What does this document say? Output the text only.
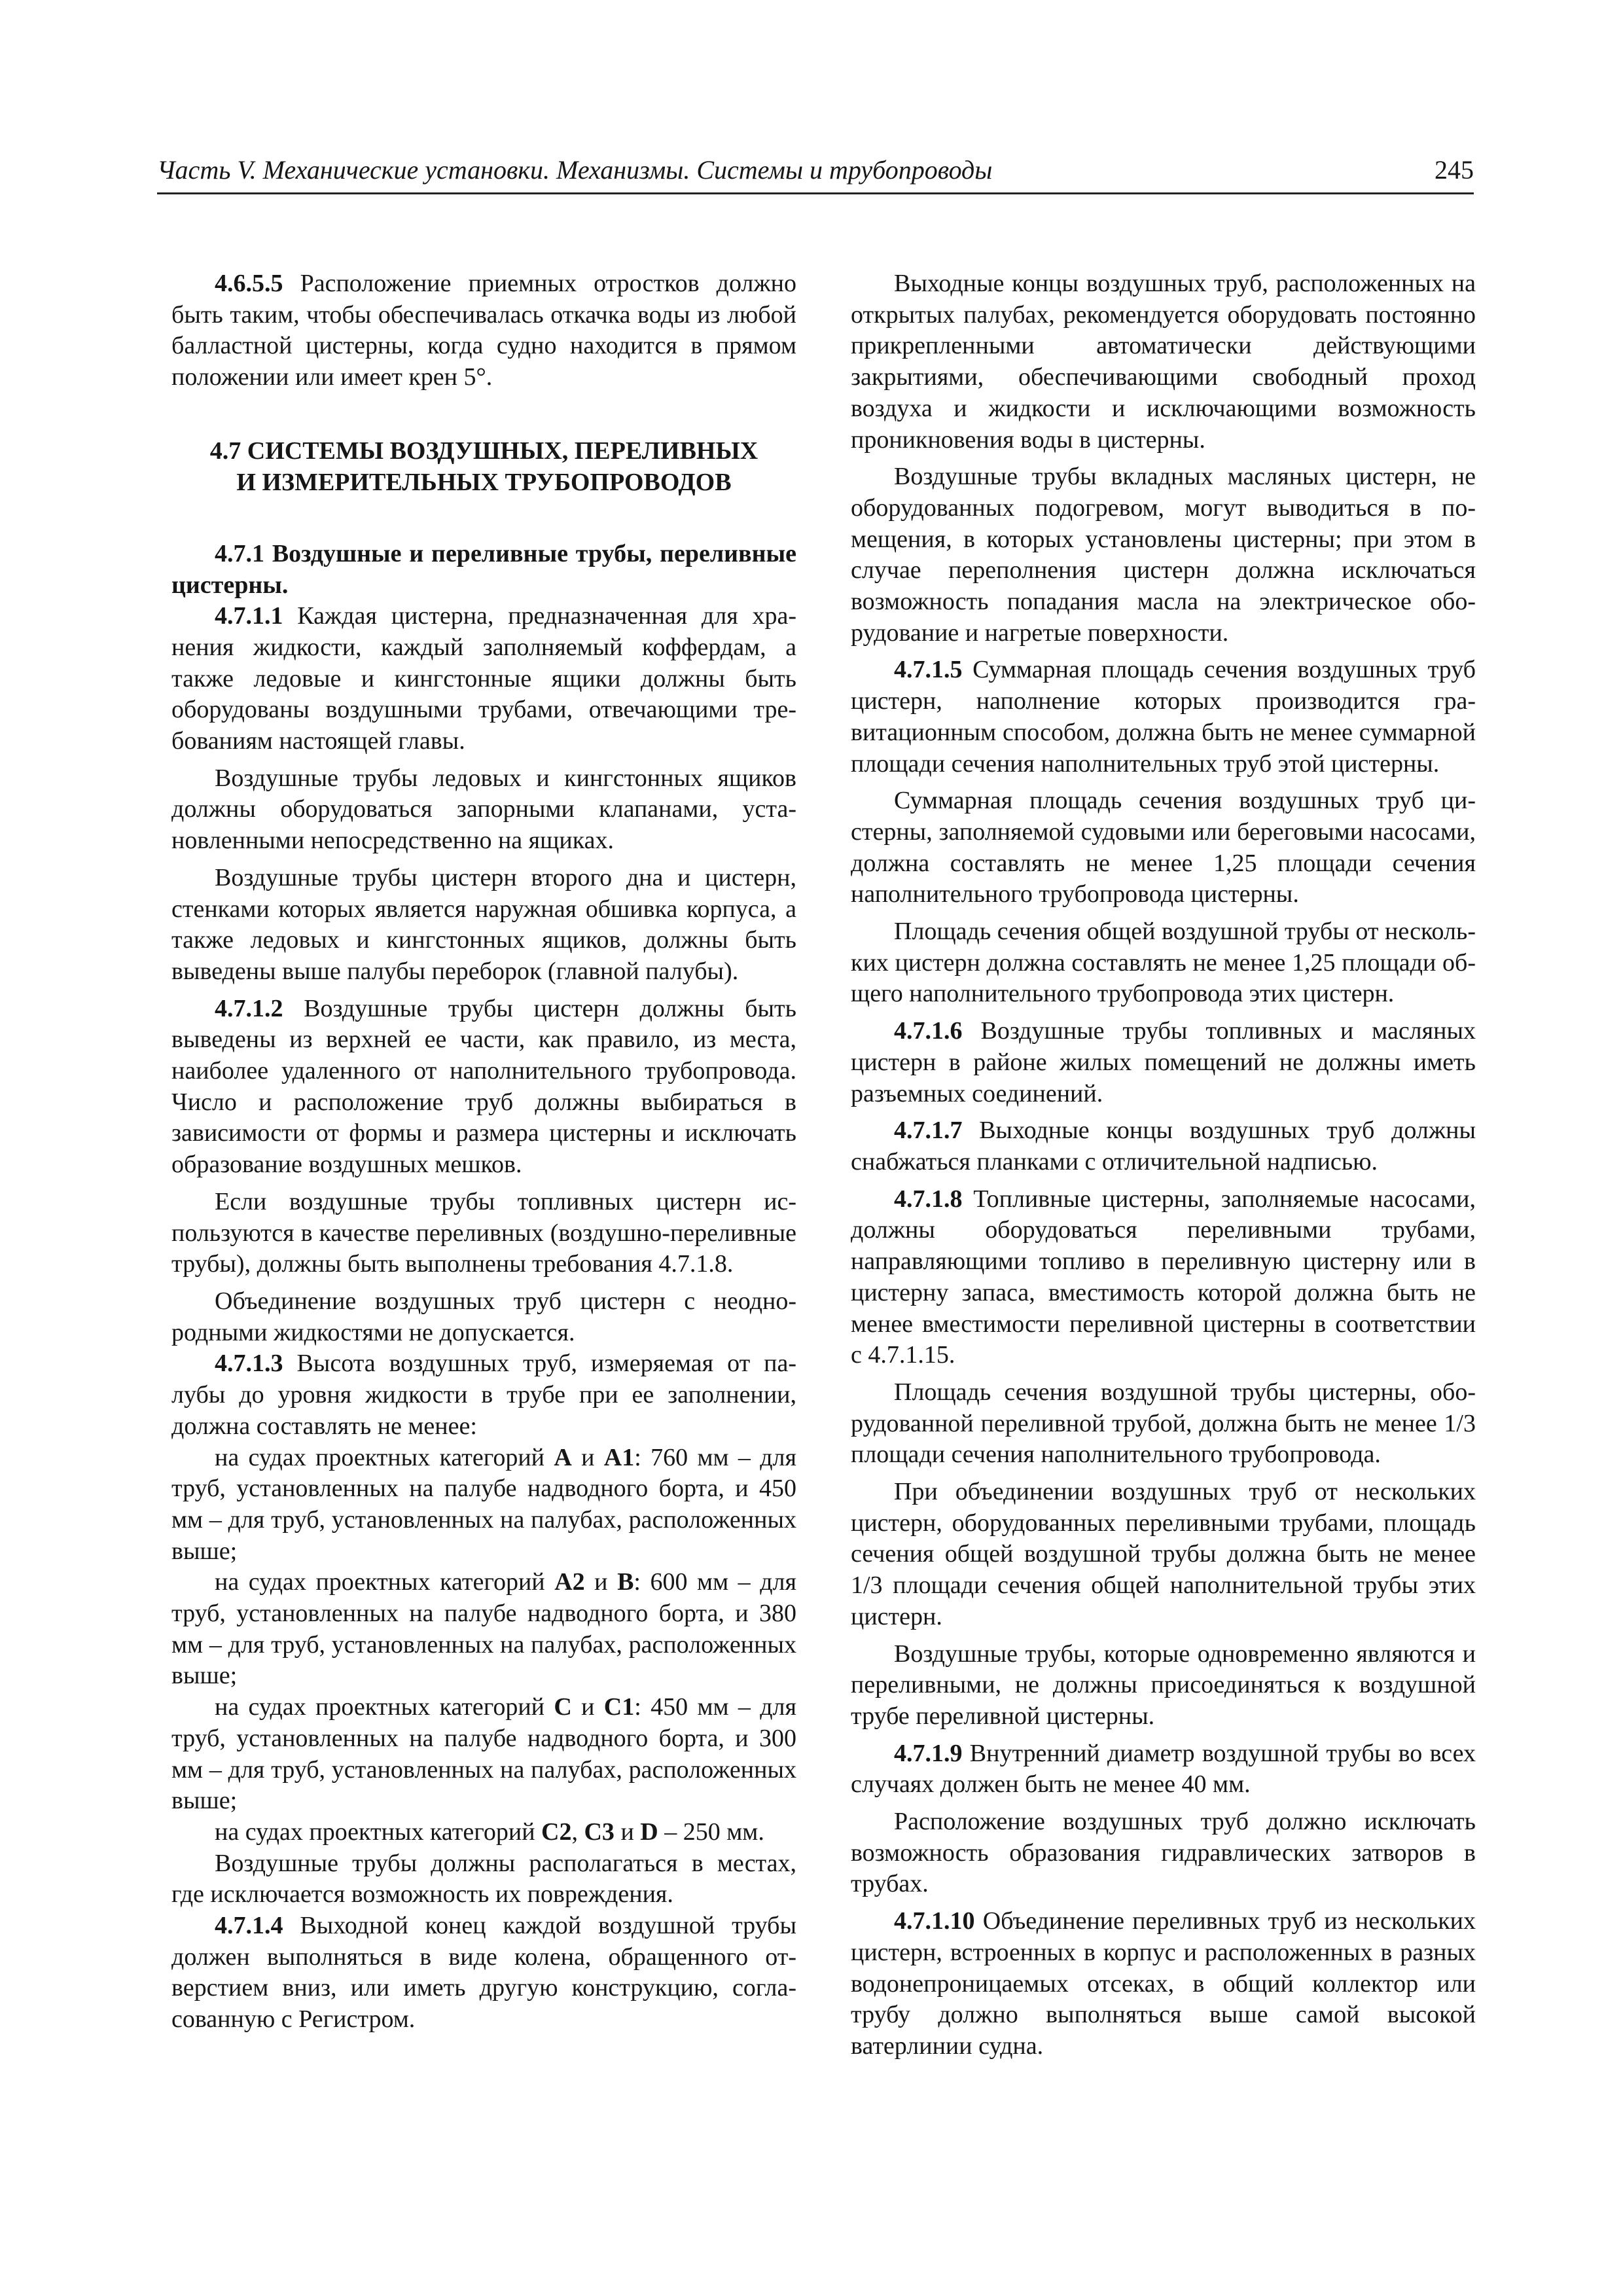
Часть V. Механические установки. Механизмы. Системы и трубопроводы	245

4.6.5.5 Расположение приемных отростков должно быть таким, чтобы обеспечивалась откачка воды из любой балластной цистерны, когда судно находится в прямом положении или имеет крен 5°.

4.7 СИСТЕМЫ ВОЗДУШНЫХ, ПЕРЕЛИВНЫХ
И ИЗМЕРИТЕЛЬНЫХ ТРУБОПРОВОДОВ
4.7.1 Воздушные и переливные трубы, переливные цистерны.

4.7.1.1 Каждая цистерна, предназначенная для хранения жидкости, каждый заполняемый коффердам, а также ледовые и кингстонные ящики должны быть оборудованы воздушными трубами, отвечающими требованиям настоящей главы.

Воздушные трубы ледовых и кингстонных ящиков должны оборудоваться запорными клапанами, установленными непосредственно на ящиках.

Воздушные трубы цистерн второго дна и цистерн, стенками которых является наружная обшивка корпуса, а также ледовых и кингстонных ящиков, должны быть выведены выше палубы переборок (главной палубы).

4.7.1.2 Воздушные трубы цистерн должны быть выведены из верхней ее части, как правило, из места, наиболее удаленного от наполнительного трубопровода. Число и расположение труб должны выбираться в зависимости от формы и размера цистерны и исключать образование воздушных мешков.

Если воздушные трубы топливных цистерн используются в качестве переливных (воздушно-переливные трубы), должны быть выполнены требования 4.7.1.8.

Объединение воздушных труб цистерн с неоднородными жидкостями не допускается.

4.7.1.3 Высота воздушных труб, измеряемая от палубы до уровня жидкости в трубе при ее заполнении, должна составлять не менее:

на судах проектных категорий A и A1: 760 мм – для труб, установленных на палубе надводного борта, и 450 мм – для труб, установленных на палубах, расположенных выше;

на судах проектных категорий A2 и B: 600 мм – для труб, установленных на палубе надводного борта, и 380 мм – для труб, установленных на палубах, расположенных выше;

на судах проектных категорий C и C1: 450 мм – для труб, установленных на палубе надводного борта, и 300 мм – для труб, установленных на палубах, расположенных выше;

на судах проектных категорий C2, C3 и D – 250 мм.

Воздушные трубы должны располагаться в местах, где исключается возможность их повреждения.

4.7.1.4 Выходной конец каждой воздушной трубы должен выполняться в виде колена, обращенного отверстием вниз, или иметь другую конструкцию, согласованную с Регистром.

Выходные концы воздушных труб, расположенных на открытых палубах, рекомендуется оборудовать постоянно прикрепленными автоматически действующими закрытиями, обеспечивающими свободный проход воздуха и жидкости и исключающими возможность проникновения воды в цистерны.

Воздушные трубы вкладных масляных цистерн, не оборудованных подогревом, могут выводиться в помещения, в которых установлены цистерны; при этом в случае переполнения цистерн должна исключаться возможность попадания масла на электрическое оборудование и нагретые поверхности.

4.7.1.5 Суммарная площадь сечения воздушных труб цистерн, наполнение которых производится гравитационным способом, должна быть не менее суммарной площади сечения наполнительных труб этой цистерны.

Суммарная площадь сечения воздушных труб цистерны, заполняемой судовыми или береговыми насосами, должна составлять не менее 1,25 площади сечения наполнительного трубопровода цистерны.

Площадь сечения общей воздушной трубы от нескольких цистерн должна составлять не менее 1,25 площади общего наполнительного трубопровода этих цистерн.

4.7.1.6 Воздушные трубы топливных и масляных цистерн в районе жилых помещений не должны иметь разъемных соединений.

4.7.1.7 Выходные концы воздушных труб должны снабжаться планками с отличительной надписью.

4.7.1.8 Топливные цистерны, заполняемые насосами, должны оборудоваться переливными трубами, направляющими топливо в переливную цистерну или в цистерну запаса, вместимость которой должна быть не менее вместимости переливной цистерны в соответствии с 4.7.1.15.

Площадь сечения воздушной трубы цистерны, оборудованной переливной трубой, должна быть не менее 1/3 площади сечения наполнительного трубопровода.

При объединении воздушных труб от нескольких цистерн, оборудованных переливными трубами, площадь сечения общей воздушной трубы должна быть не менее 1/3 площади сечения общей наполнительной трубы этих цистерн.

Воздушные трубы, которые одновременно являются и переливными, не должны присоединяться к воздушной трубе переливной цистерны.

4.7.1.9 Внутренний диаметр воздушной трубы во всех случаях должен быть не менее 40 мм.

Расположение воздушных труб должно исключать возможность образования гидравлических затворов в трубах.

4.7.1.10 Объединение переливных труб из нескольких цистерн, встроенных в корпус и расположенных в разных водонепроницаемых отсеках, в общий коллектор или трубу должно выполняться выше самой высокой ватерлинии судна.
